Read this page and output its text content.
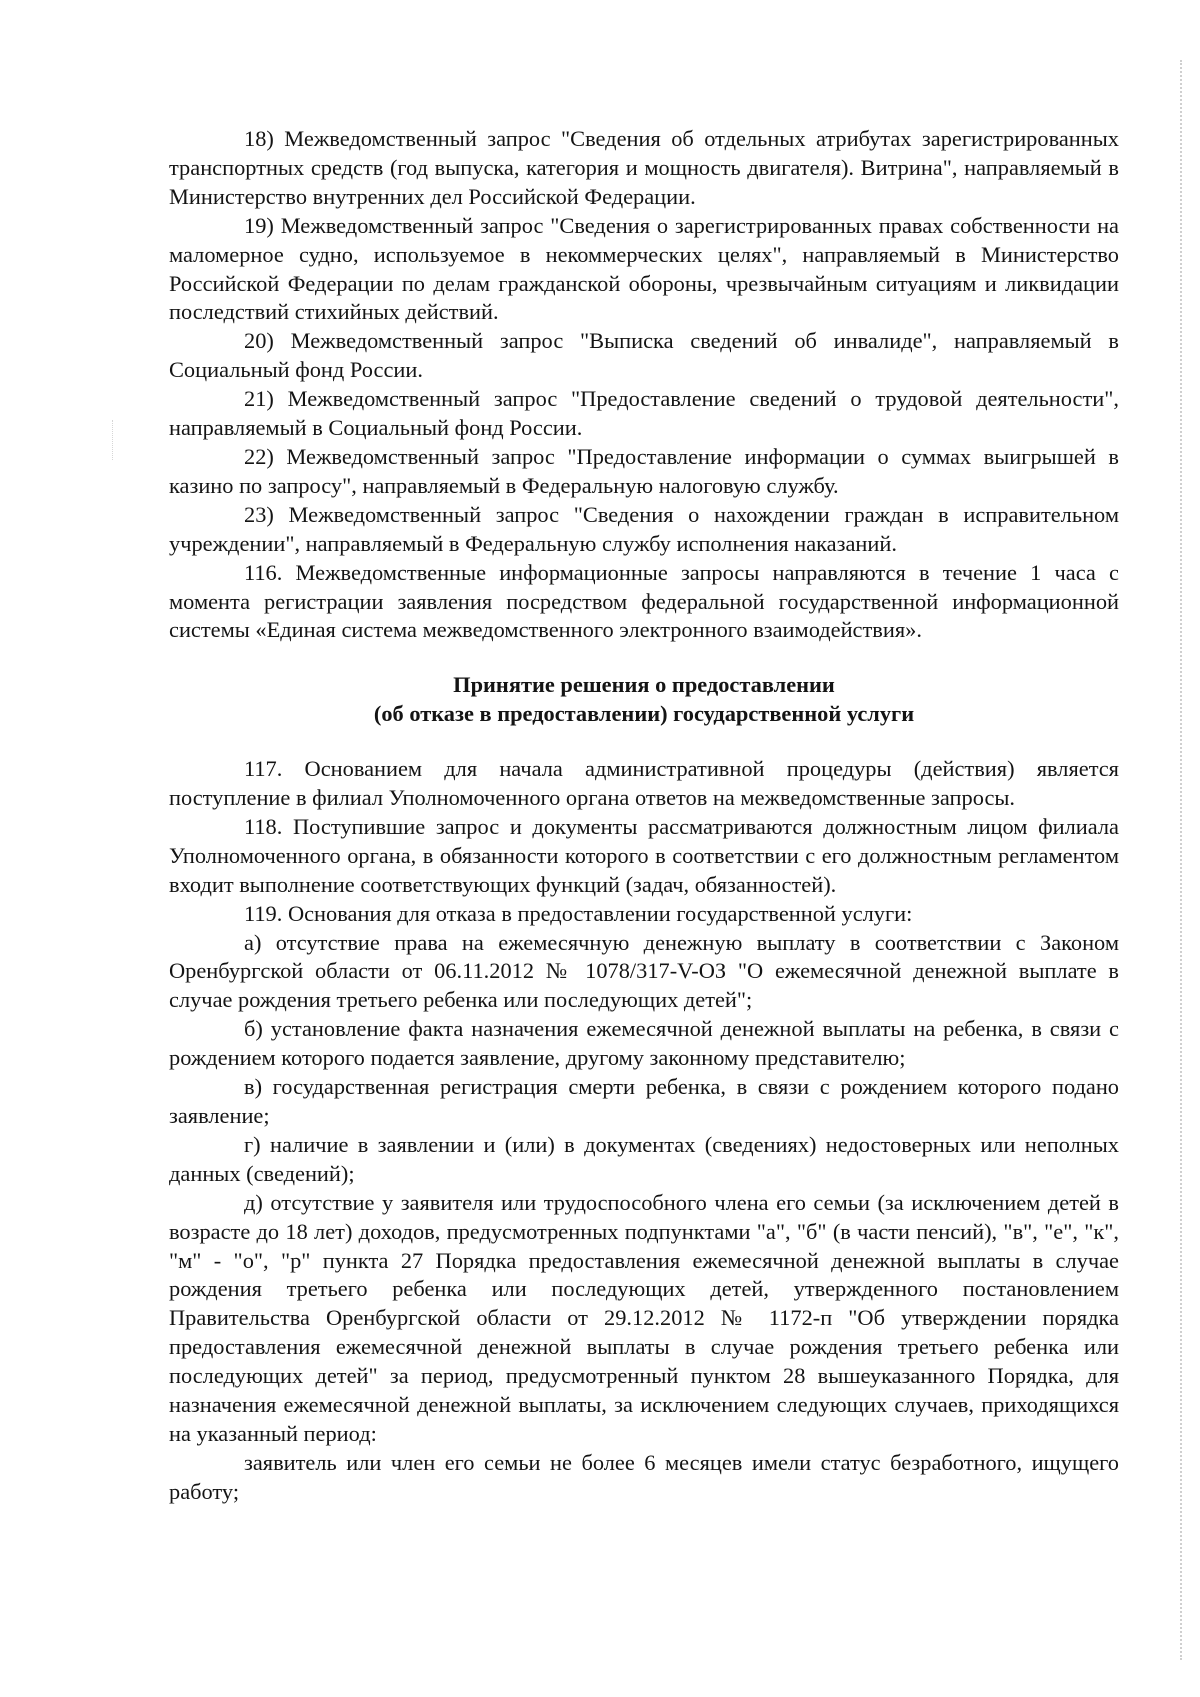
18) Межведомственный запрос "Сведения об отдельных атрибутах зарегистрированных транспортных средств (год выпуска, категория и мощность двигателя). Витрина", направляемый в Министерство внутренних дел Российской Федерации.

19) Межведомственный запрос "Сведения о зарегистрированных правах собственности на маломерное судно, используемое в некоммерческих целях", направляемый в Министерство Российской Федерации по делам гражданской обороны, чрезвычайным ситуациям и ликвидации последствий стихийных действий.

20) Межведомственный запрос "Выписка сведений об инвалиде", направляемый в Социальный фонд России.

21) Межведомственный запрос "Предоставление сведений о трудовой деятельности", направляемый в Социальный фонд России.

22) Межведомственный запрос "Предоставление информации о суммах выигрышей в казино по запросу", направляемый в Федеральную налоговую службу.

23) Межведомственный запрос "Сведения о нахождении граждан в исправительном учреждении", направляемый в Федеральную службу исполнения наказаний.

116. Межведомственные информационные запросы направляются в течение 1 часа с момента регистрации заявления посредством федеральной государственной информационной системы «Единая система межведомственного электронного взаимодействия».

Принятие решения о предоставлении

(об отказе в предоставлении) государственной услуги

117. Основанием для начала административной процедуры (действия) является поступление в филиал Уполномоченного органа ответов на межведомственные запросы.

118. Поступившие запрос и документы рассматриваются должностным лицом филиала Уполномоченного органа, в обязанности которого в соответствии с его должностным регламентом входит выполнение соответствующих функций (задач, обязанностей).

119. Основания для отказа в предоставлении государственной услуги:

а) отсутствие права на ежемесячную денежную выплату в соответствии с Законом Оренбургской области от 06.11.2012 № 1078/317-V-ОЗ "О ежемесячной денежной выплате в случае рождения третьего ребенка или последующих детей";

б) установление факта назначения ежемесячной денежной выплаты на ребенка, в связи с рождением которого подается заявление, другому законному представителю;

в) государственная регистрация смерти ребенка, в связи с рождением которого подано заявление;

г) наличие в заявлении и (или) в документах (сведениях) недостоверных или неполных данных (сведений);

д) отсутствие у заявителя или трудоспособного члена его семьи (за исключением детей в возрасте до 18 лет) доходов, предусмотренных подпунктами "а", "б" (в части пенсий), "в", "е", "к", "м" - "о", "р" пункта 27 Порядка предоставления ежемесячной денежной выплаты в случае рождения третьего ребенка или последующих детей, утвержденного постановлением Правительства Оренбургской области от 29.12.2012 № 1172-п "Об утверждении порядка предоставления ежемесячной денежной выплаты в случае рождения третьего ребенка или последующих детей" за период, предусмотренный пунктом 28 вышеуказанного Порядка, для назначения ежемесячной денежной выплаты, за исключением следующих случаев, приходящихся на указанный период:

заявитель или член его семьи не более 6 месяцев имели статус безработного, ищущего работу;
